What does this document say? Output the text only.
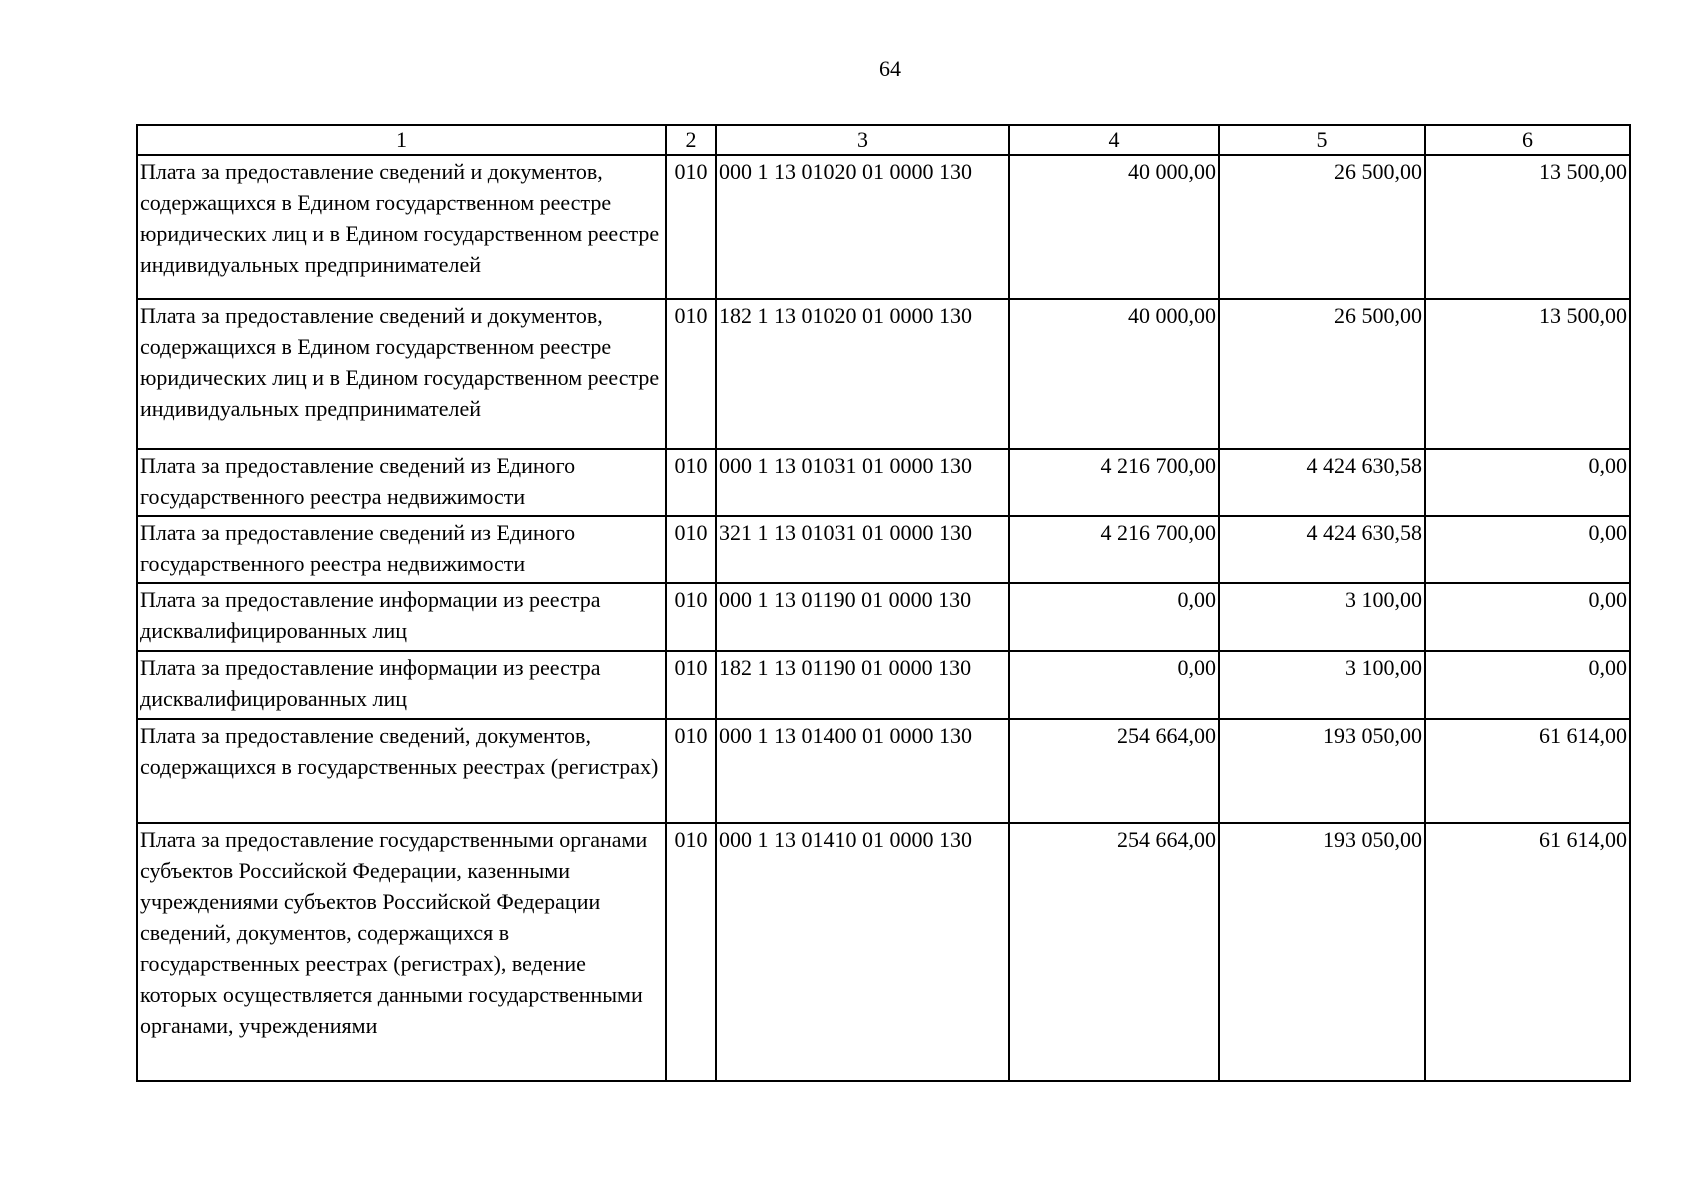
64
1	2	3	4	5	6
Плата за предоставление сведений и документов, содержащихся в Едином государственном реестре юридических лиц и в Едином государственном реестре индивидуальных предпринимателей	010	000 1 13 01020 01 0000 130	40 000,00	26 500,00	13 500,00
Плата за предоставление сведений и документов, содержащихся в Едином государственном реестре юридических лиц и в Едином государственном реестре индивидуальных предпринимателей	010	182 1 13 01020 01 0000 130	40 000,00	26 500,00	13 500,00
Плата за предоставление сведений из Единого государственного реестра недвижимости	010	000 1 13 01031 01 0000 130	4 216 700,00	4 424 630,58	0,00
Плата за предоставление сведений из Единого государственного реестра недвижимости	010	321 1 13 01031 01 0000 130	4 216 700,00	4 424 630,58	0,00
Плата за предоставление информации из реестра дисквалифицированных лиц	010	000 1 13 01190 01 0000 130	0,00	3 100,00	0,00
Плата за предоставление информации из реестра дисквалифицированных лиц	010	182 1 13 01190 01 0000 130	0,00	3 100,00	0,00
Плата за предоставление сведений, документов, содержащихся в государственных реестрах (регистрах)	010	000 1 13 01400 01 0000 130	254 664,00	193 050,00	61 614,00
Плата за предоставление государственными органами субъектов Российской Федерации, казенными учреждениями субъектов Российской Федерации сведений, документов, содержащихся в государственных реестрах (регистрах), ведение которых осуществляется данными государственными органами, учреждениями	010	000 1 13 01410 01 0000 130	254 664,00	193 050,00	61 614,00
